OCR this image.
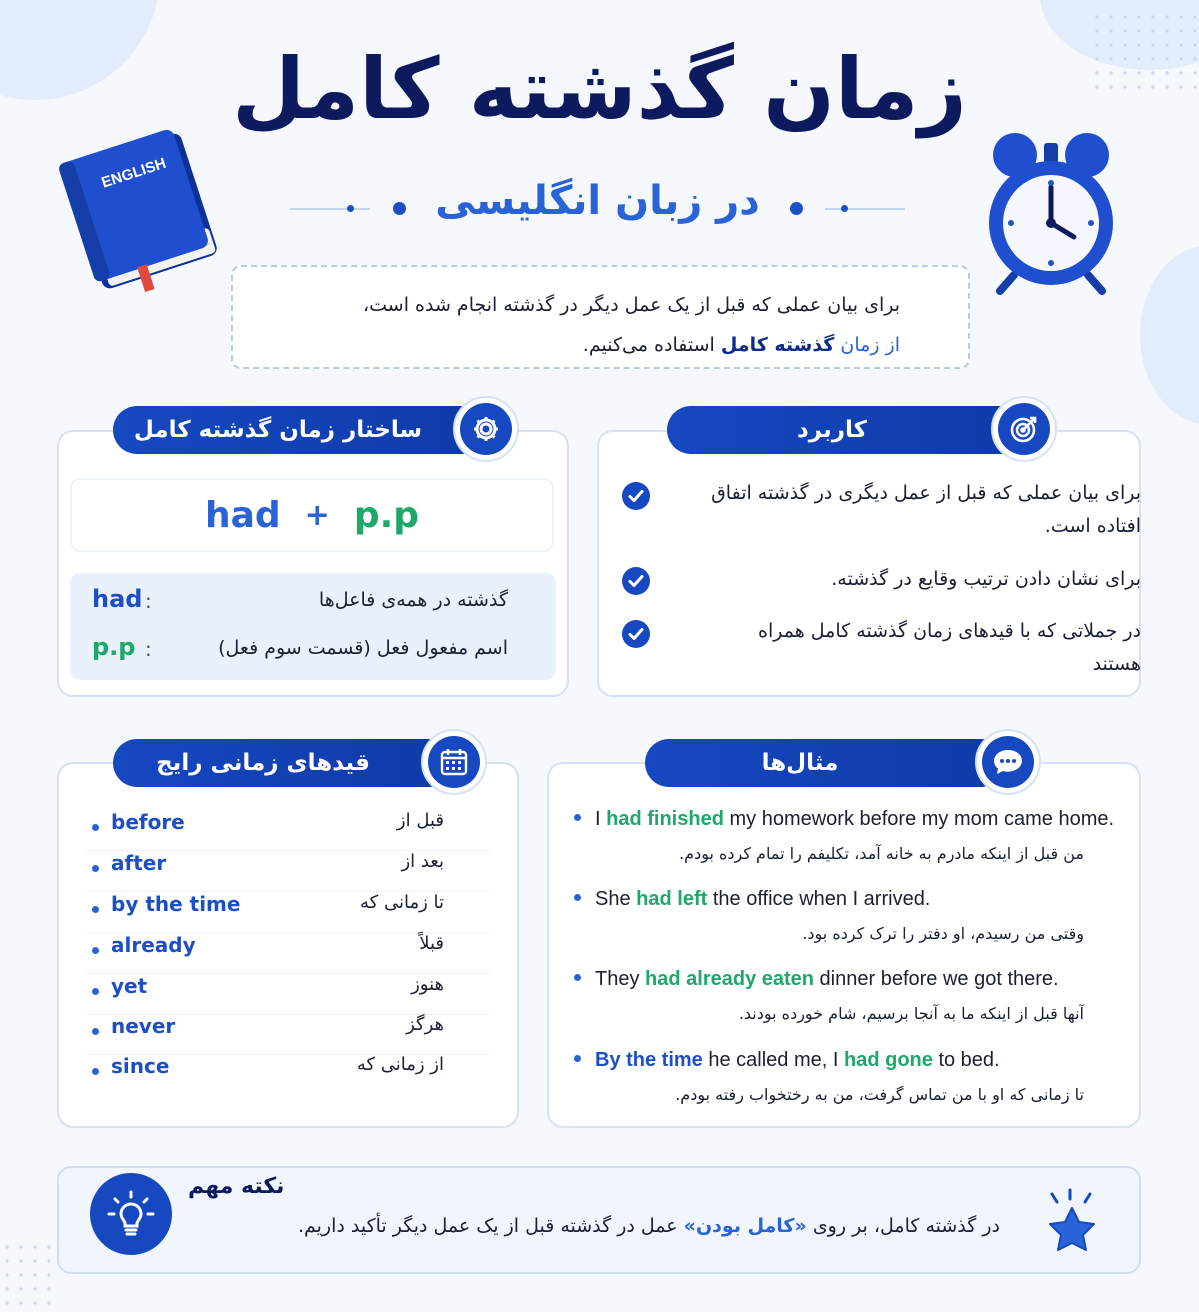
زمان گذشته کامل
در زبان انگلیسی
ENGLISH
برای بیان عملی که قبل از یک عمل دیگر در گذشته انجام شده است،
از زمان گذشته کامل استفاده می‌کنیم.
ساختار زمان گذشته کامل
had + p.p
had :	گذشته در همه‌ی فاعل‌ها
p.p :	اسم مفعول فعل (قسمت سوم فعل)
کاربرد
برای بیان عملی که قبل از عمل دیگری در گذشته اتفاق افتاده است.
برای نشان دادن ترتیب وقایع در گذشته.
در جملاتی که با قیدهای زمان گذشته کامل همراه هستند
قیدهای زمانی رایج
before	قبل از
after	بعد از
by the time	تا زمانی که
already	قبلاً
yet	هنوز
never	هرگز
since	از زمانی که
مثال‌ها
I had finished my homework before my mom came home.
من قبل از اینکه مادرم به خانه آمد، تکلیفم را تمام کرده بودم.
She had left the office when I arrived.
وقتی من رسیدم، او دفتر را ترک کرده بود.
They had already eaten dinner before we got there.
آنها قبل از اینکه ما به آنجا برسیم، شام خورده بودند.
By the time he called me, I had gone to bed.
تا زمانی که او با من تماس گرفت، من به رختخواب رفته بودم.
نکته مهم
در گذشته کامل، بر روی «کامل بودن» عمل در گذشته قبل از یک عمل دیگر تأکید داریم.
